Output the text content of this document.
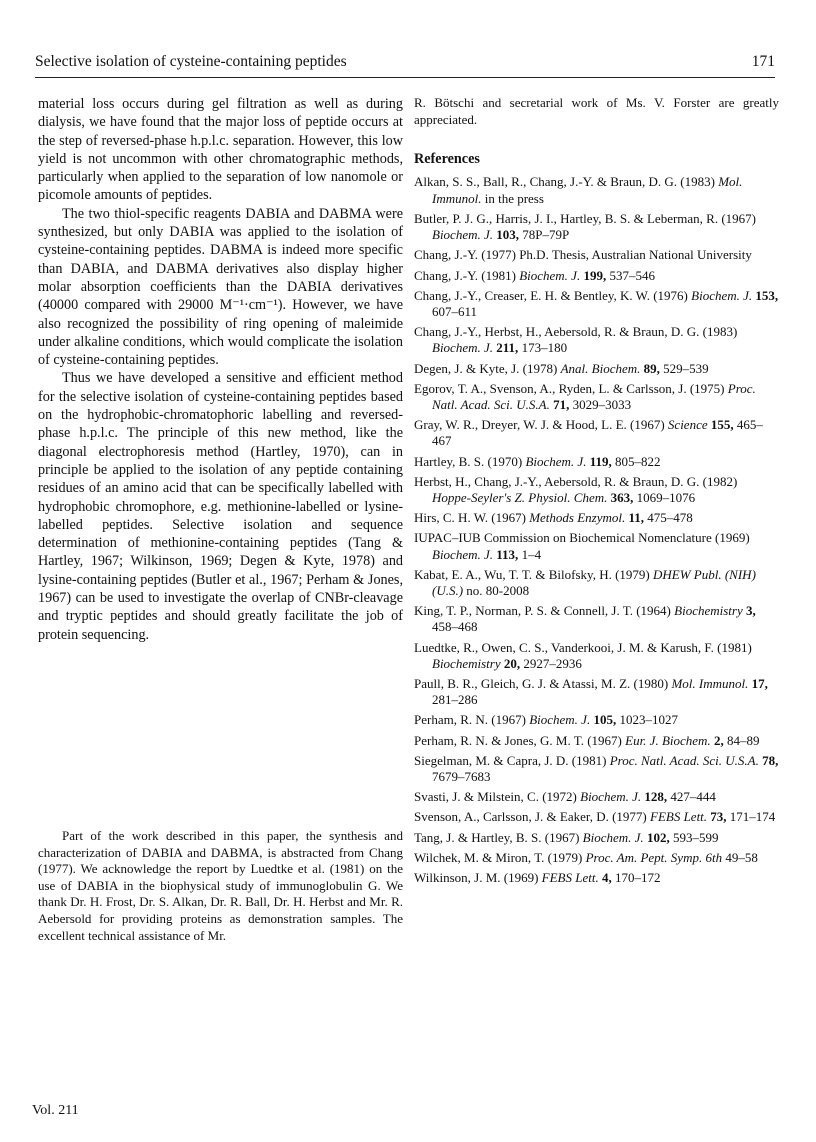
Selective isolation of cysteine-containing peptides	171

material loss occurs during gel filtration as well as during dialysis, we have found that the major loss of peptide occurs at the step of reversed-phase h.p.l.c. separation. However, this low yield is not uncommon with other chromatographic methods, particularly when applied to the separation of low nanomole or picomole amounts of peptides.

The two thiol-specific reagents DABIA and DABMA were synthesized, but only DABIA was applied to the isolation of cysteine-containing peptides. DABMA is indeed more specific than DABIA, and DABMA derivatives also display higher molar absorption coefficients than the DABIA derivatives (40000 compared with 29000 M⁻¹·cm⁻¹). However, we have also recognized the possibility of ring opening of maleimide under alkaline conditions, which would complicate the isolation of cysteine-containing peptides.

Thus we have developed a sensitive and efficient method for the selective isolation of cysteine-containing peptides based on the hydrophobic-chromatophoric labelling and reversed-phase h.p.l.c. The principle of this new method, like the diagonal electrophoresis method (Hartley, 1970), can in principle be applied to the isolation of any peptide containing residues of an amino acid that can be specifically labelled with hydrophobic chromophore, e.g. methionine-labelled or lysine-labelled peptides. Selective isolation and sequence determination of methionine-containing peptides (Tang & Hartley, 1967; Wilkinson, 1969; Degen & Kyte, 1978) and lysine-containing peptides (Butler et al., 1967; Perham & Jones, 1967) can be used to investigate the overlap of CNBr-cleavage and tryptic peptides and should greatly facilitate the job of protein sequencing.

Part of the work described in this paper, the synthesis and characterization of DABIA and DABMA, is abstracted from Chang (1977). We acknowledge the report by Luedtke et al. (1981) on the use of DABIA in the biophysical study of immunoglobulin G. We thank Dr. H. Frost, Dr. S. Alkan, Dr. R. Ball, Dr. H. Herbst and Mr. R. Aebersold for providing proteins as demonstration samples. The excellent technical assistance of Mr.

R. Bötschi and secretarial work of Ms. V. Forster are greatly appreciated.

References

Alkan, S. S., Ball, R., Chang, J.-Y. & Braun, D. G. (1983) Mol. Immunol. in the press

Butler, P. J. G., Harris, J. I., Hartley, B. S. & Leberman, R. (1967) Biochem. J. 103, 78P–79P

Chang, J.-Y. (1977) Ph.D. Thesis, Australian National University

Chang, J.-Y. (1981) Biochem. J. 199, 537–546

Chang, J.-Y., Creaser, E. H. & Bentley, K. W. (1976) Biochem. J. 153, 607–611

Chang, J.-Y., Herbst, H., Aebersold, R. & Braun, D. G. (1983) Biochem. J. 211, 173–180

Degen, J. & Kyte, J. (1978) Anal. Biochem. 89, 529–539

Egorov, T. A., Svenson, A., Ryden, L. & Carlsson, J. (1975) Proc. Natl. Acad. Sci. U.S.A. 71, 3029–3033

Gray, W. R., Dreyer, W. J. & Hood, L. E. (1967) Science 155, 465–467

Hartley, B. S. (1970) Biochem. J. 119, 805–822

Herbst, H., Chang, J.-Y., Aebersold, R. & Braun, D. G. (1982) Hoppe-Seyler's Z. Physiol. Chem. 363, 1069–1076

Hirs, C. H. W. (1967) Methods Enzymol. 11, 475–478

IUPAC–IUB Commission on Biochemical Nomenclature (1969) Biochem. J. 113, 1–4

Kabat, E. A., Wu, T. T. & Bilofsky, H. (1979) DHEW Publ. (NIH) (U.S.) no. 80-2008

King, T. P., Norman, P. S. & Connell, J. T. (1964) Biochemistry 3, 458–468

Luedtke, R., Owen, C. S., Vanderkooi, J. M. & Karush, F. (1981) Biochemistry 20, 2927–2936

Paull, B. R., Gleich, G. J. & Atassi, M. Z. (1980) Mol. Immunol. 17, 281–286

Perham, R. N. (1967) Biochem. J. 105, 1023–1027

Perham, R. N. & Jones, G. M. T. (1967) Eur. J. Biochem. 2, 84–89

Siegelman, M. & Capra, J. D. (1981) Proc. Natl. Acad. Sci. U.S.A. 78, 7679–7683

Svasti, J. & Milstein, C. (1972) Biochem. J. 128, 427–444

Svenson, A., Carlsson, J. & Eaker, D. (1977) FEBS Lett. 73, 171–174

Tang, J. & Hartley, B. S. (1967) Biochem. J. 102, 593–599

Wilchek, M. & Miron, T. (1979) Proc. Am. Pept. Symp. 6th 49–58

Wilkinson, J. M. (1969) FEBS Lett. 4, 170–172

Vol. 211
